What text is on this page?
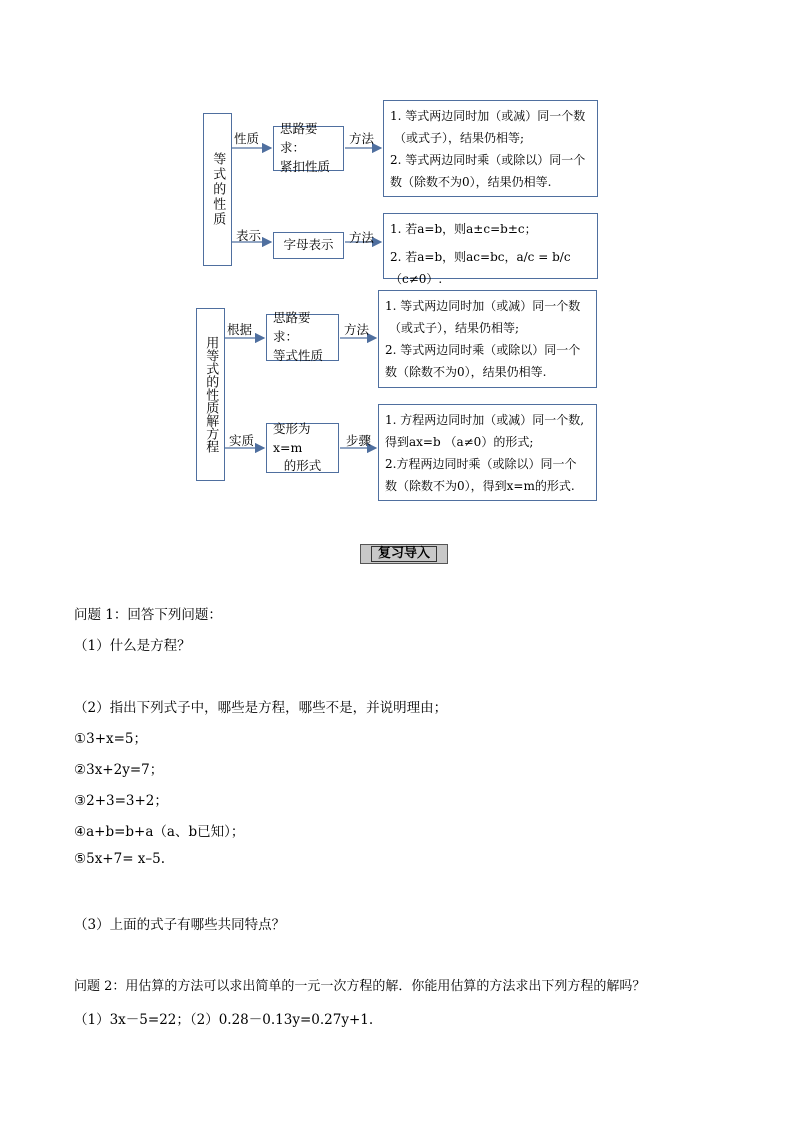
等式的性质
性质
思路要求：
紧扣性质
方法

1. 等式两边同时加（或减）同一个数

（或式子），结果仍相等;

2. 等式两边同时乘（或除以）同一个

数（除数不为0），结果仍相等.

表示
字母表示	方法

1. 若a=b，则a±c=b±c；

2. 若a=b，则ac=bc，a/c = b/c（c≠0）.

用等式的性质解方程
根据
思路要求：
等式性质
方法

1. 等式两边同时加（或减）同一个数

（或式子），结果仍相等;

2. 等式两边同时乘（或除以）同一个

数（除数不为0），结果仍相等.

实质
变形为x=m
的形式
步骤

1. 方程两边同时加（或减）同一个数,

得到ax=b （a≠0）的形式;

2.方程两边同时乘（或除以）同一个

数（除数不为0），得到x=m的形式.

复习导入
问题 1：回答下列问题：
（1）什么是方程？
（2）指出下列式子中，哪些是方程，哪些不是，并说明理由；
①3+x=5；
②3x+2y=7；
③2+3=3+2；
④a+b=b+a（a、b已知）；
⑤5x+7= x–5.
（3）上面的式子有哪些共同特点？
问题 2：用估算的方法可以求出简单的一元一次方程的解．你能用估算的方法求出下列方程的解吗？
（1）3x－5=22；（2）0.28－0.13y=0.27y+1.
